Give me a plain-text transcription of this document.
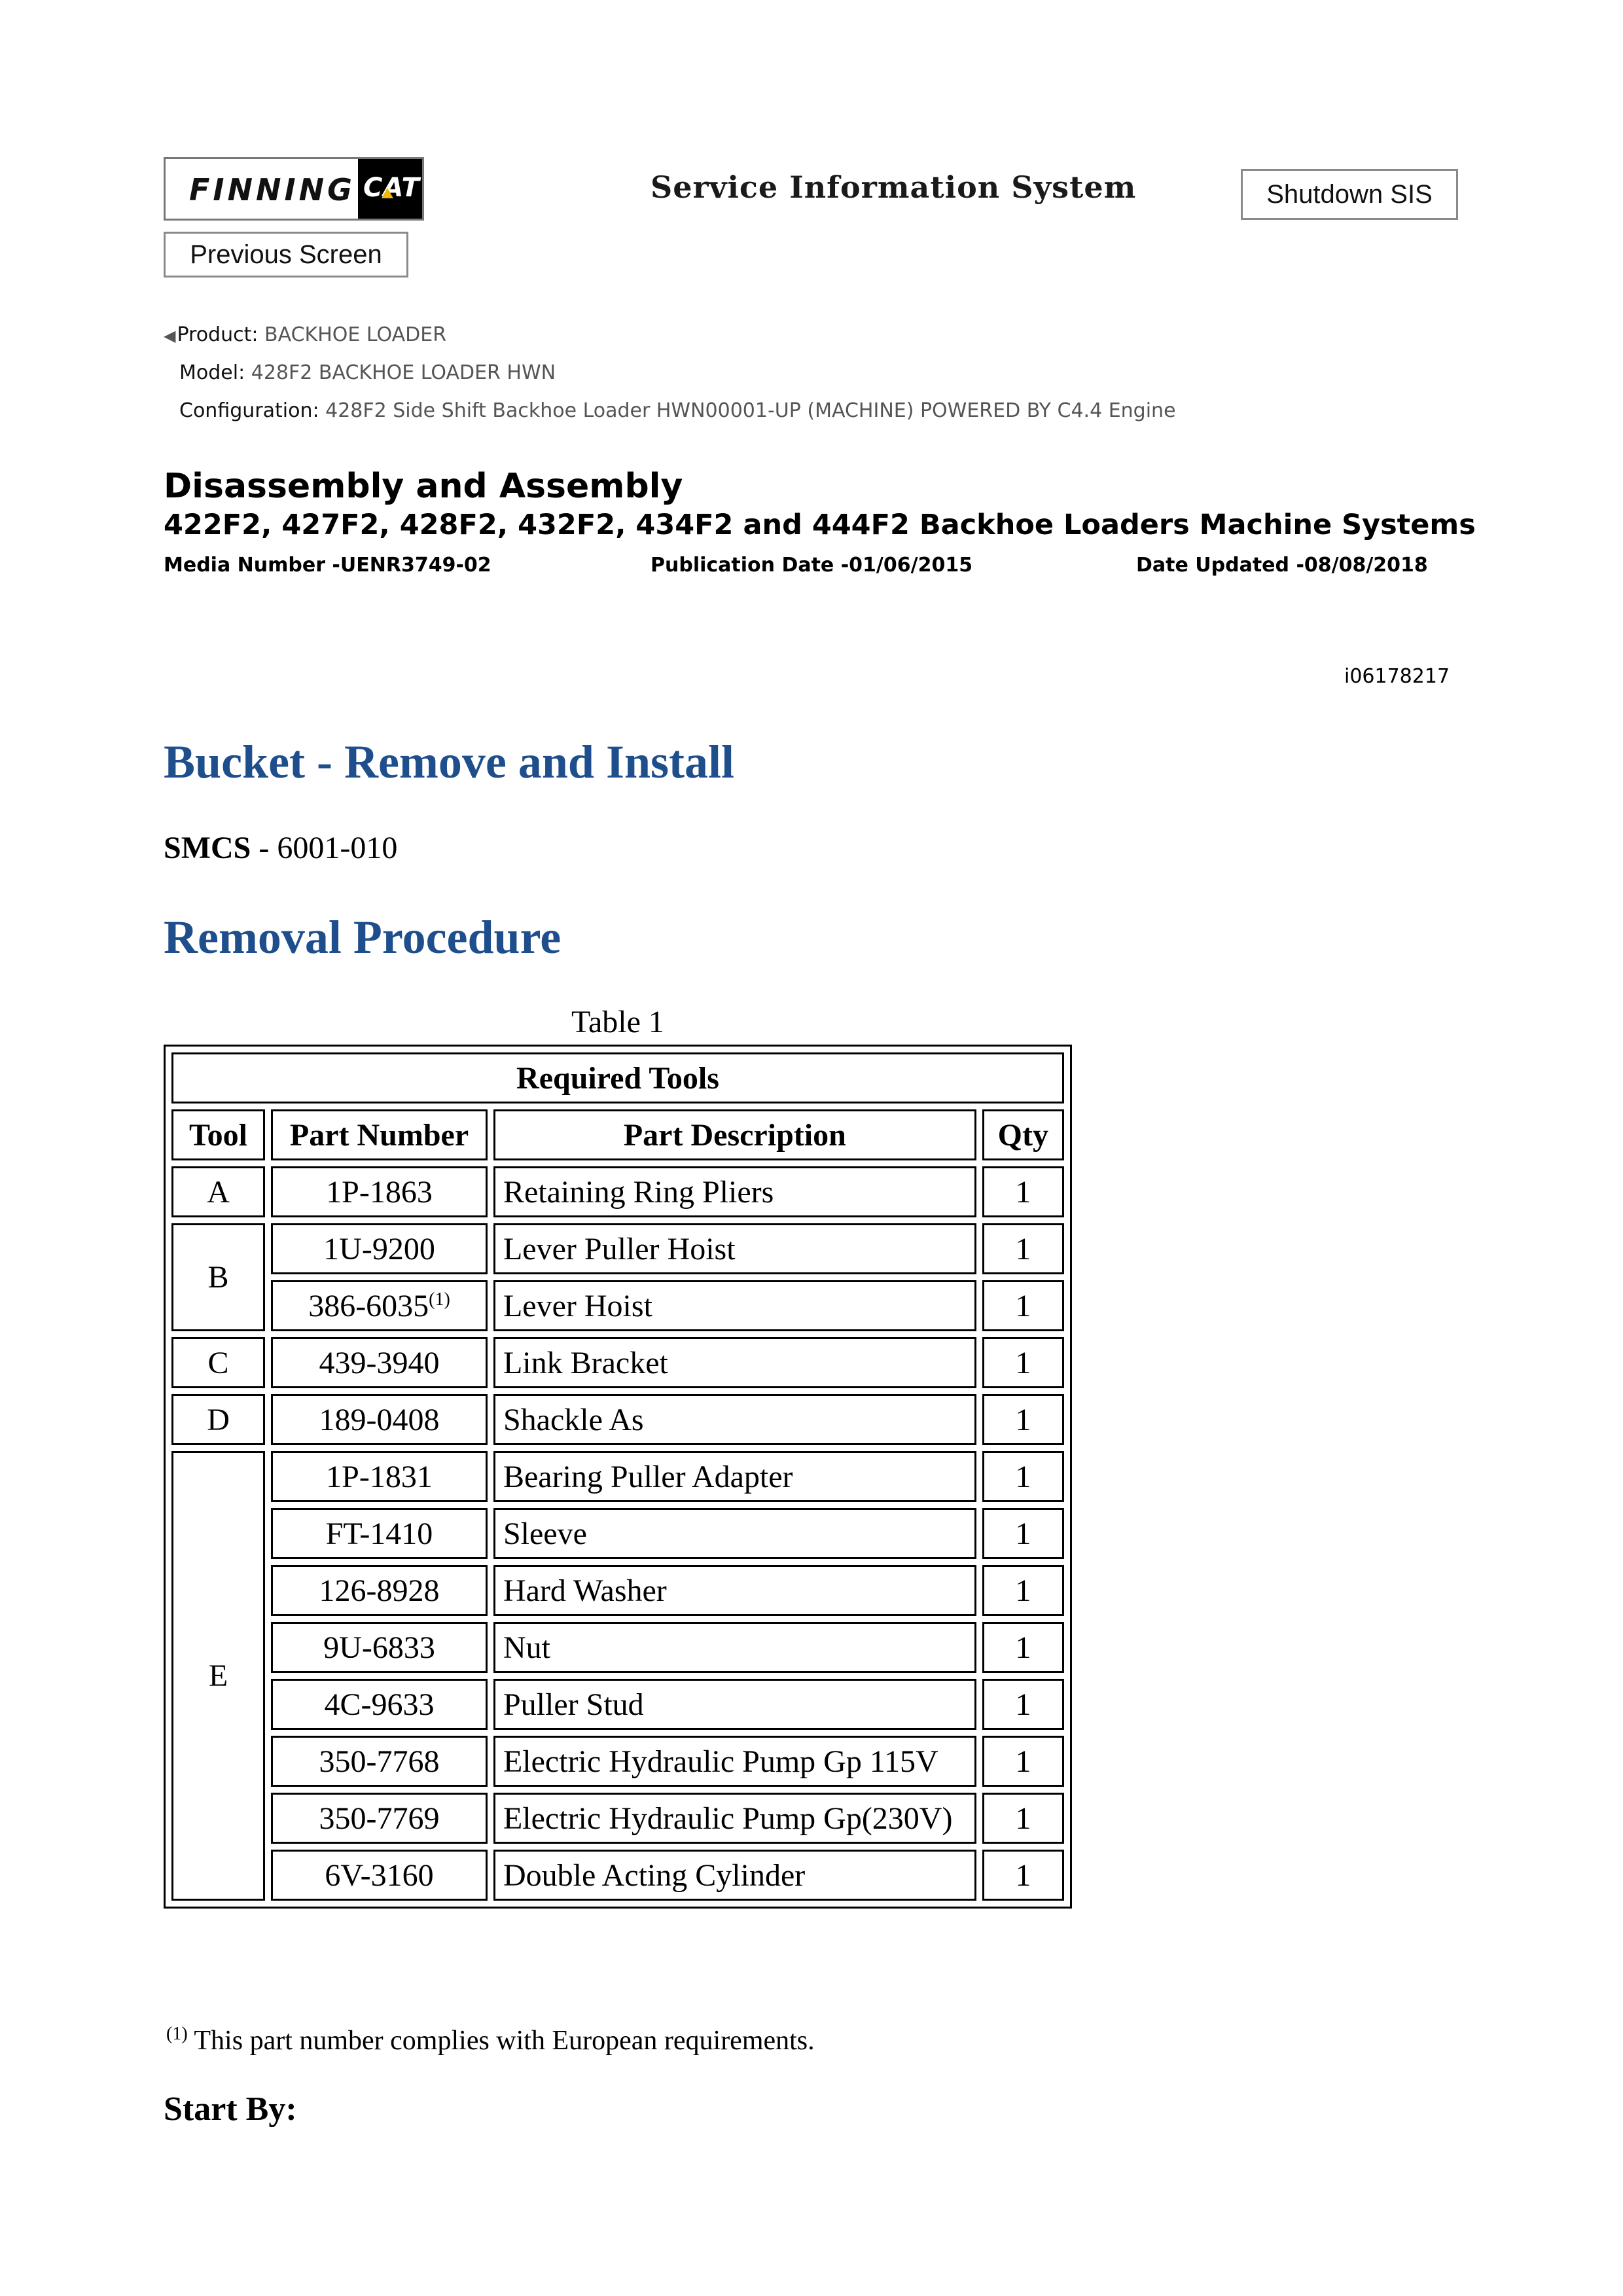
FINNING CAT	Service Information System	Shutdown SIS
Previous Screen
◀Product: BACKHOE LOADER
Model: 428F2 BACKHOE LOADER HWN
Configuration: 428F2 Side Shift Backhoe Loader HWN00001-UP (MACHINE) POWERED BY C4.4 Engine
Disassembly and Assembly
422F2, 427F2, 428F2, 432F2, 434F2 and 444F2 Backhoe Loaders Machine Systems
Media Number -UENR3749-02	Publication Date -01/06/2015	Date Updated -08/08/2018
i06178217
Bucket - Remove and Install
SMCS - 6001-010
Removal Procedure
Table 1
Required Tools			
Tool	Part Number	Part Description	Qty
A	1P-1863	Retaining Ring Pliers	1
B	1U-9200	Lever Puller Hoist	1
	386-6035$^{(1)}$	Lever Hoist	1
C	439-3940	Link Bracket	1
D	189-0408	Shackle As	1
E	1P-1831	Bearing Puller Adapter	1
	FT-1410	Sleeve	1
	126-8928	Hard Washer	1
	9U-6833	Nut	1
	4C-9633	Puller Stud	1
	350-7768	Electric Hydraulic Pump Gp 115V	1
	350-7769	Electric Hydraulic Pump Gp(230V)	1
	6V-3160	Double Acting Cylinder	1
$^{(1)}$ This part number complies with European requirements.
Start By:
